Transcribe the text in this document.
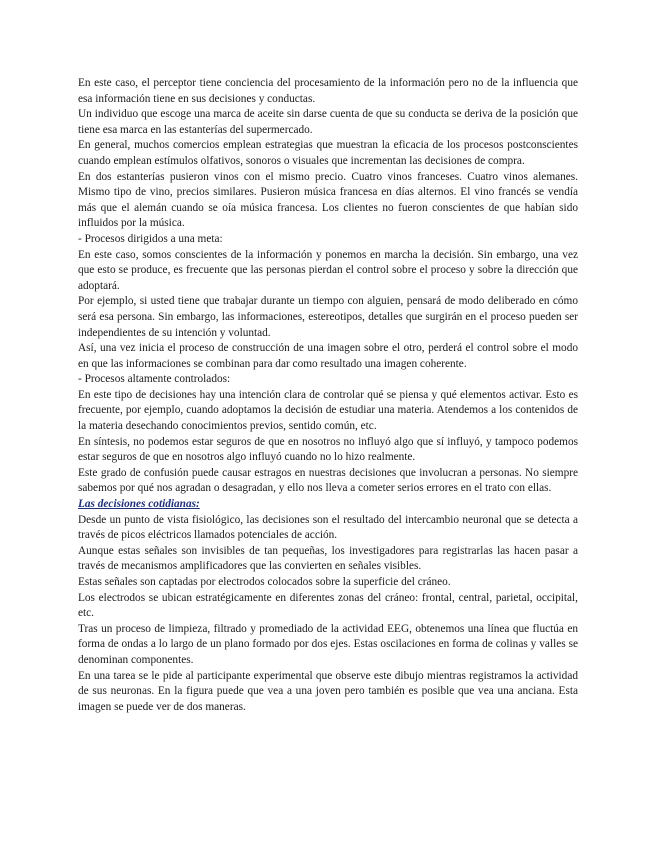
En este caso, el perceptor tiene conciencia del procesamiento de la información pero no de la influencia que esa información tiene en sus decisiones y conductas.

Un individuo que escoge una marca de aceite sin darse cuenta de que su conducta se deriva de la posición que tiene esa marca en las estanterías del supermercado.

En general, muchos comercios emplean estrategias que muestran la eficacia de los procesos postconscientes cuando emplean estímulos olfativos, sonoros o visuales que incrementan las decisiones de compra.

En dos estanterías pusieron vinos con el mismo precio. Cuatro vinos franceses. Cuatro vinos alemanes. Mismo tipo de vino, precios similares. Pusieron música francesa en días alternos. El vino francés se vendía más que el alemán cuando se oía música francesa. Los clientes no fueron conscientes de que habían sido influidos por la música.

- Procesos dirigidos a una meta:

En este caso, somos conscientes de la información y ponemos en marcha la decisión. Sin embargo, una vez que esto se produce, es frecuente que las personas pierdan el control sobre el proceso y sobre la dirección que adoptará.

Por ejemplo, si usted tiene que trabajar durante un tiempo con alguien, pensará de modo deliberado en cómo será esa persona. Sin embargo, las informaciones, estereotipos, detalles que surgirán en el proceso pueden ser independientes de su intención y voluntad.

Así, una vez inicia el proceso de construcción de una imagen sobre el otro, perderá el control sobre el modo en que las informaciones se combinan para dar como resultado una imagen coherente.

- Procesos altamente controlados:

En este tipo de decisiones hay una intención clara de controlar qué se piensa y qué elementos activar. Esto es frecuente, por ejemplo, cuando adoptamos la decisión de estudiar una materia. Atendemos a los contenidos de la materia desechando conocimientos previos, sentido común, etc.

En síntesis, no podemos estar seguros de que en nosotros no influyó algo que sí influyó, y tampoco podemos estar seguros de que en nosotros algo influyó cuando no lo hizo realmente.

Este grado de confusión puede causar estragos en nuestras decisiones que involucran a personas. No siempre sabemos por qué nos agradan o desagradan, y ello nos lleva a cometer serios errores en el trato con ellas.

Las decisiones cotidianas:

Desde un punto de vista fisiológico, las decisiones son el resultado del intercambio neuronal que se detecta a través de picos eléctricos llamados potenciales de acción.

Aunque estas señales son invisibles de tan pequeñas, los investigadores para registrarlas las hacen pasar a través de mecanismos amplificadores que las convierten en señales visibles.

Estas señales son captadas por electrodos colocados sobre la superficie del cráneo.

Los electrodos se ubican estratégicamente en diferentes zonas del cráneo: frontal, central, parietal, occipital, etc.

Tras un proceso de limpieza, filtrado y promediado de la actividad EEG, obtenemos una línea que fluctúa en forma de ondas a lo largo de un plano formado por dos ejes. Estas oscilaciones en forma de colinas y valles se denominan componentes.

En una tarea se le pide al participante experimental que observe este dibujo mientras registramos la actividad de sus neuronas. En la figura puede que vea a una joven pero también es posible que vea una anciana. Esta imagen se puede ver de dos maneras.
